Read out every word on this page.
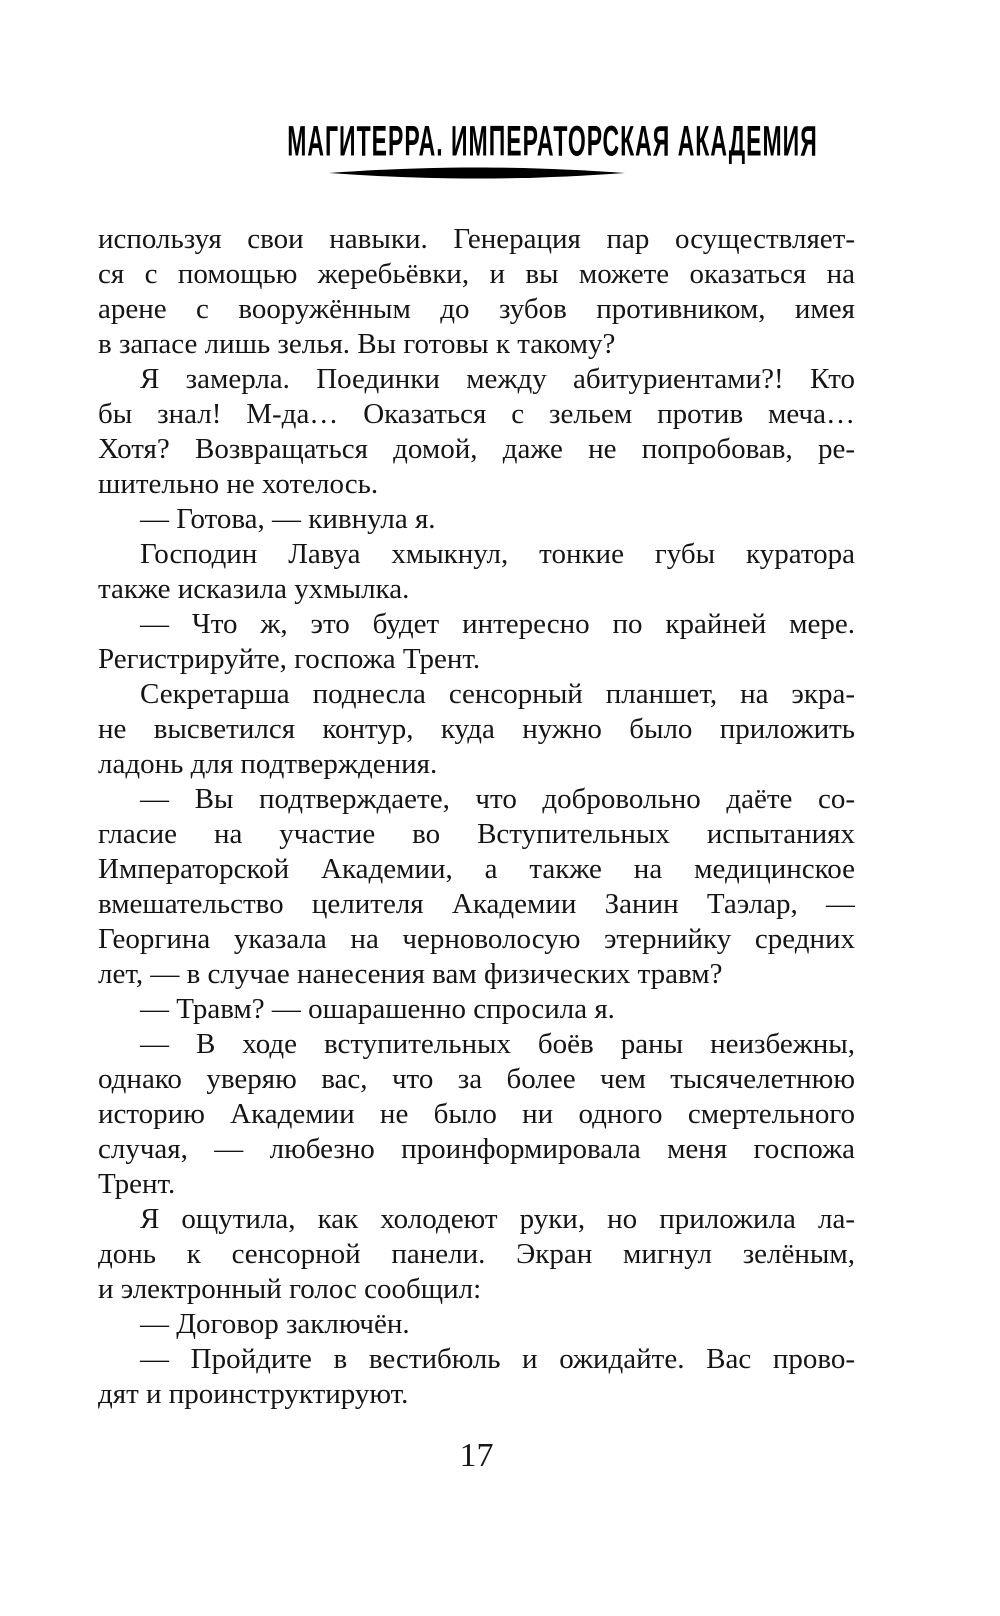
МАГИТЕРРА. ИМПЕРАТОРСКАЯ АКАДЕМИЯ
используя свои навыки. Генерация пар осуществляет-
ся с помощью жеребьёвки, и вы можете оказаться на
арене с вооружённым до зубов противником, имея
в запасе лишь зелья. Вы готовы к такому?
Я замерла. Поединки между абитуриентами?! Кто
бы знал! М-да… Оказаться с зельем против меча…
Хотя? Возвращаться домой, даже не попробовав, ре-
шительно не хотелось.
— Готова, — кивнула я.
Господин Лавуа хмыкнул, тонкие губы куратора
также исказила ухмылка.
— Что ж, это будет интересно по крайней мере.
Регистрируйте, госпожа Трент.
Секретарша поднесла сенсорный планшет, на экра-
не высветился контур, куда нужно было приложить
ладонь для подтверждения.
— Вы подтверждаете, что добровольно даёте со-
гласие на участие во Вступительных испытаниях
Императорской Академии, а также на медицинское
вмешательство целителя Академии Занин Таэлар, —
Георгина указала на черноволосую этернийку средних
лет, — в случае нанесения вам физических травм?
— Травм? — ошарашенно спросила я.
— В ходе вступительных боёв раны неизбежны,
однако уверяю вас, что за более чем тысячелетнюю
историю Академии не было ни одного смертельного
случая, — любезно проинформировала меня госпожа
Трент.
Я ощутила, как холодеют руки, но приложила ла-
донь к сенсорной панели. Экран мигнул зелёным,
и электронный голос сообщил:
— Договор заключён.
— Пройдите в вестибюль и ожидайте. Вас прово-
дят и проинструктируют.
17
